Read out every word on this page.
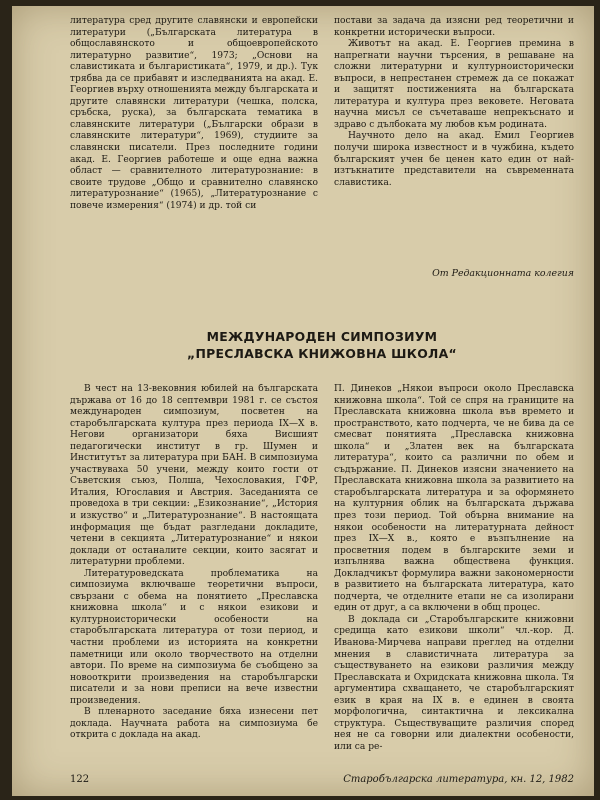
литература сред другите славянски и европейски литератури („Българската литература в общославянското и общоевропейското литературно развитие“, 1973; „Основи на славистиката и българистиката“, 1979, и др.). Тук трябва да се прибавят и изследванията на акад. Е. Георгиев върху отношенията между българската и другите славянски литератури (чешка, полска, сръбска, руска), за българската тематика в славянските литератури („Български образи в славянските литератури“, 1969), студиите за славянски писатели. През последните години акад. Е. Георгиев работеше и още една важна област — сравнителното литературознание: в своите трудове „Общо и сравнително славянско литературознание“ (1965), „Литературознание с повече измерения“ (1974) и др. той си

постави за задача да изясни ред теоретични и конкретни исторически въпроси.

Животът на акад. Е. Георгиев премина в напрегнати научни търсения, в решаване на сложни литературни и културноисторически въпроси, в непрестанен стремеж да се покажат и защитят постиженията на българската литература и култура през вековете. Неговата научна мисъл се съчетаваше непрекъснато и здраво с дълбоката му любов към родината.

Научното дело на акад. Емил Георгиев получи широка известност и в чужбина, където българският учен бе ценен като един от най-изтъкнатите представители на съвременната славистика.

От Редакционната колегия
МЕЖДУНАРОДЕН СИМПОЗИУМ
„ПРЕСЛАВСКА КНИЖОВНА ШКОЛА“

В чест на 13-вековния юбилей на българската държава от 16 до 18 септември 1981 г. се състоя международен симпозиум, посветен на старобългарската култура през периода IX—X в. Негови организатори бяха Висшият педагогически институт в гр. Шумен и Институтът за литература при БАН. В симпозиума участвуваха 50 учени, между които гости от Съветския съюз, Полша, Чехословакия, ГФР, Италия, Югославия и Австрия. Заседанията се проведоха в три секции: „Езикознание“, „История и изкуство“ и „Литературознание“. В настоящата информация ще бъдат разгледани докладите, четени в секцията „Литературознание“ и някои доклади от останалите секции, които засягат и литературни проблеми.

Литературоведската проблематика на симпозиума включваше теоретични въпроси, свързани с обема на понятието „Преславска книжовна школа“ и с някои езикови и културноисторически особености на старобългарската литература от този период, и частни проблеми из историята на конкретни паметници или около творчеството на отделни автори. По време на симпозиума бе съобщено за новооткрити произведения на старобългарски писатели и за нови преписи на вече известни произведения.

В пленарното заседание бяха изнесени пет доклада. Научната работа на симпозиума бе открита с доклада на акад.

П. Динеков „Някои въпроси около Преславска книжовна школа“. Той се спря на границите на Преславската книжовна школа във времето и пространството, като подчерта, че не бива да се смесват понятията „Преславска книжовна школа“ и „Златен век на българската литература“, които са различни по обем и съдържание. П. Динеков изясни значението на Преславската книжовна школа за развитието на старобългарската литература и за оформянето на културния облик на българската държава през този период. Той обърна внимание на някои особености на литературната дейност през IX—X в., която е възпълнение на просветния подем в българските земи и изпълнява важна обществена функция. Докладчикът формулира важни закономерности в развитието на българската литература, като подчерта, че отделните етапи не са изолирани един от друг, а са включени в общ процес.

В доклада си „Старобългарските книжовни средища като езикови школи“ чл.-кор. Д. Иванова-Мирчева направи преглед на отделни мнения в славистичната литература за съществуването на езикови различия между Преславската и Охридската книжовна школа. Тя аргументира схващането, че старобългарският език в края на IX в. е единен в своята морфологична, синтактична и лексикална структура. Съществуващите различия според нея не са говорни или диалектни особености, или са ре-

122	Старобългарска литература, кн. 12, 1982
